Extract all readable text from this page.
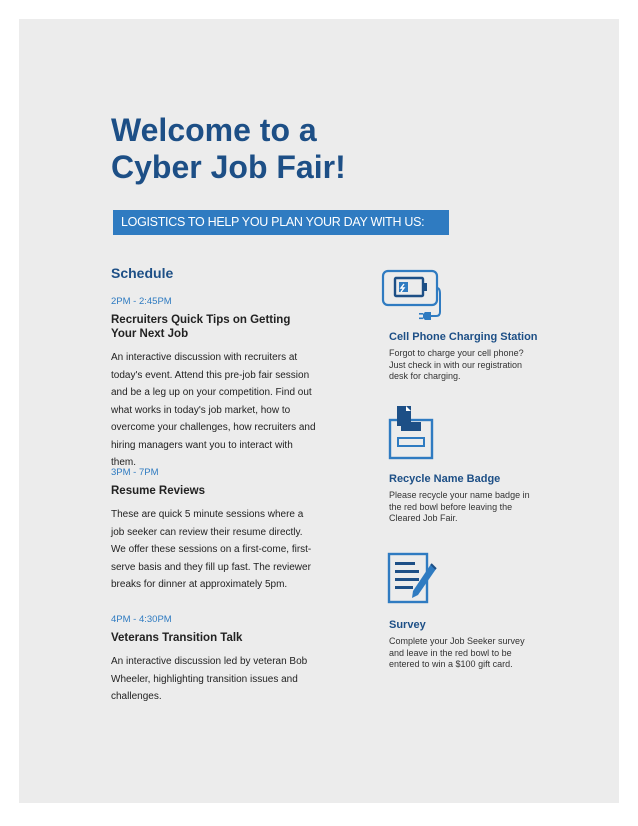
Welcome to a
Cyber Job Fair!
LOGISTICS TO HELP YOU PLAN YOUR DAY WITH US:
Schedule
2PM - 2:45PM
Recruiters Quick Tips on Getting
Your Next Job
An interactive discussion with recruiters at today's event. Attend this pre-job fair session and be a leg up on your competition. Find out what works in today's job market, how to overcome your challenges, how recruiters and hiring managers want you to interact with them.
3PM - 7PM
Resume Reviews
These are quick 5 minute sessions where a job seeker can review their resume directly. We offer these sessions on a first-come, first-serve basis and they fill up fast. The reviewer breaks for dinner at approximately 5pm.
4PM - 4:30PM
Veterans Transition Talk
An interactive discussion led by veteran Bob Wheeler, highlighting transition issues and challenges.
Cell Phone Charging Station
Forgot to charge your cell phone? Just check in with our registration desk for charging.
Recycle Name Badge
Please recycle your name badge in the red bowl before leaving the Cleared Job Fair.
Survey
Complete your Job Seeker survey and leave in the red bowl to be entered to win a $100 gift card.
